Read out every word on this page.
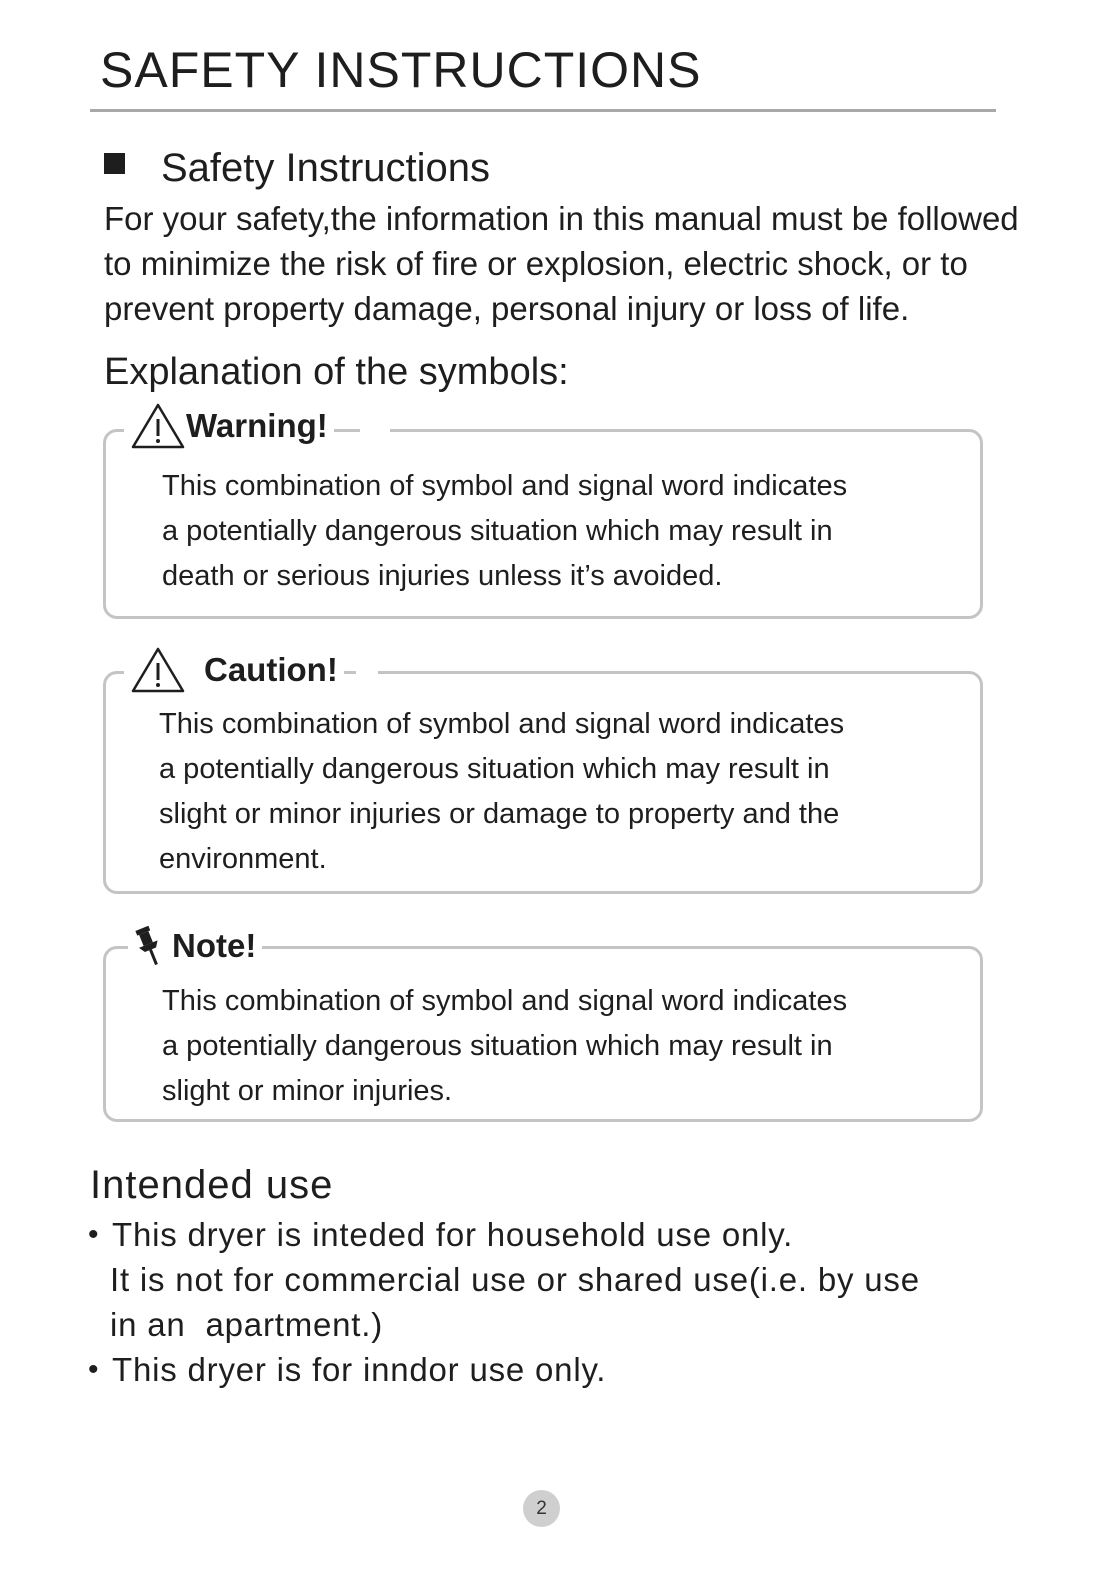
SAFETY INSTRUCTIONS
Safety Instructions

For your safety,the information in this manual must be followed
to minimize the risk of fire or explosion, electric shock, or to
prevent property damage, personal injury or loss of life.

Explanation of the symbols:
Warning!
This combination of symbol and signal word indicates
a potentially dangerous situation which may result in
death or serious injuries unless it’s avoided.
Caution!
This combination of symbol and signal word indicates
a potentially dangerous situation which may result in
slight or minor injuries or damage to property and the
environment.
Note!
This combination of symbol and signal word indicates
a potentially dangerous situation which may result in
slight or minor injuries.
Intended use
• This dryer is inteded for household use only.
It is not for commercial use or shared use(i.e. by use
in an  apartment.)
• This dryer is for inndor use only.
2
